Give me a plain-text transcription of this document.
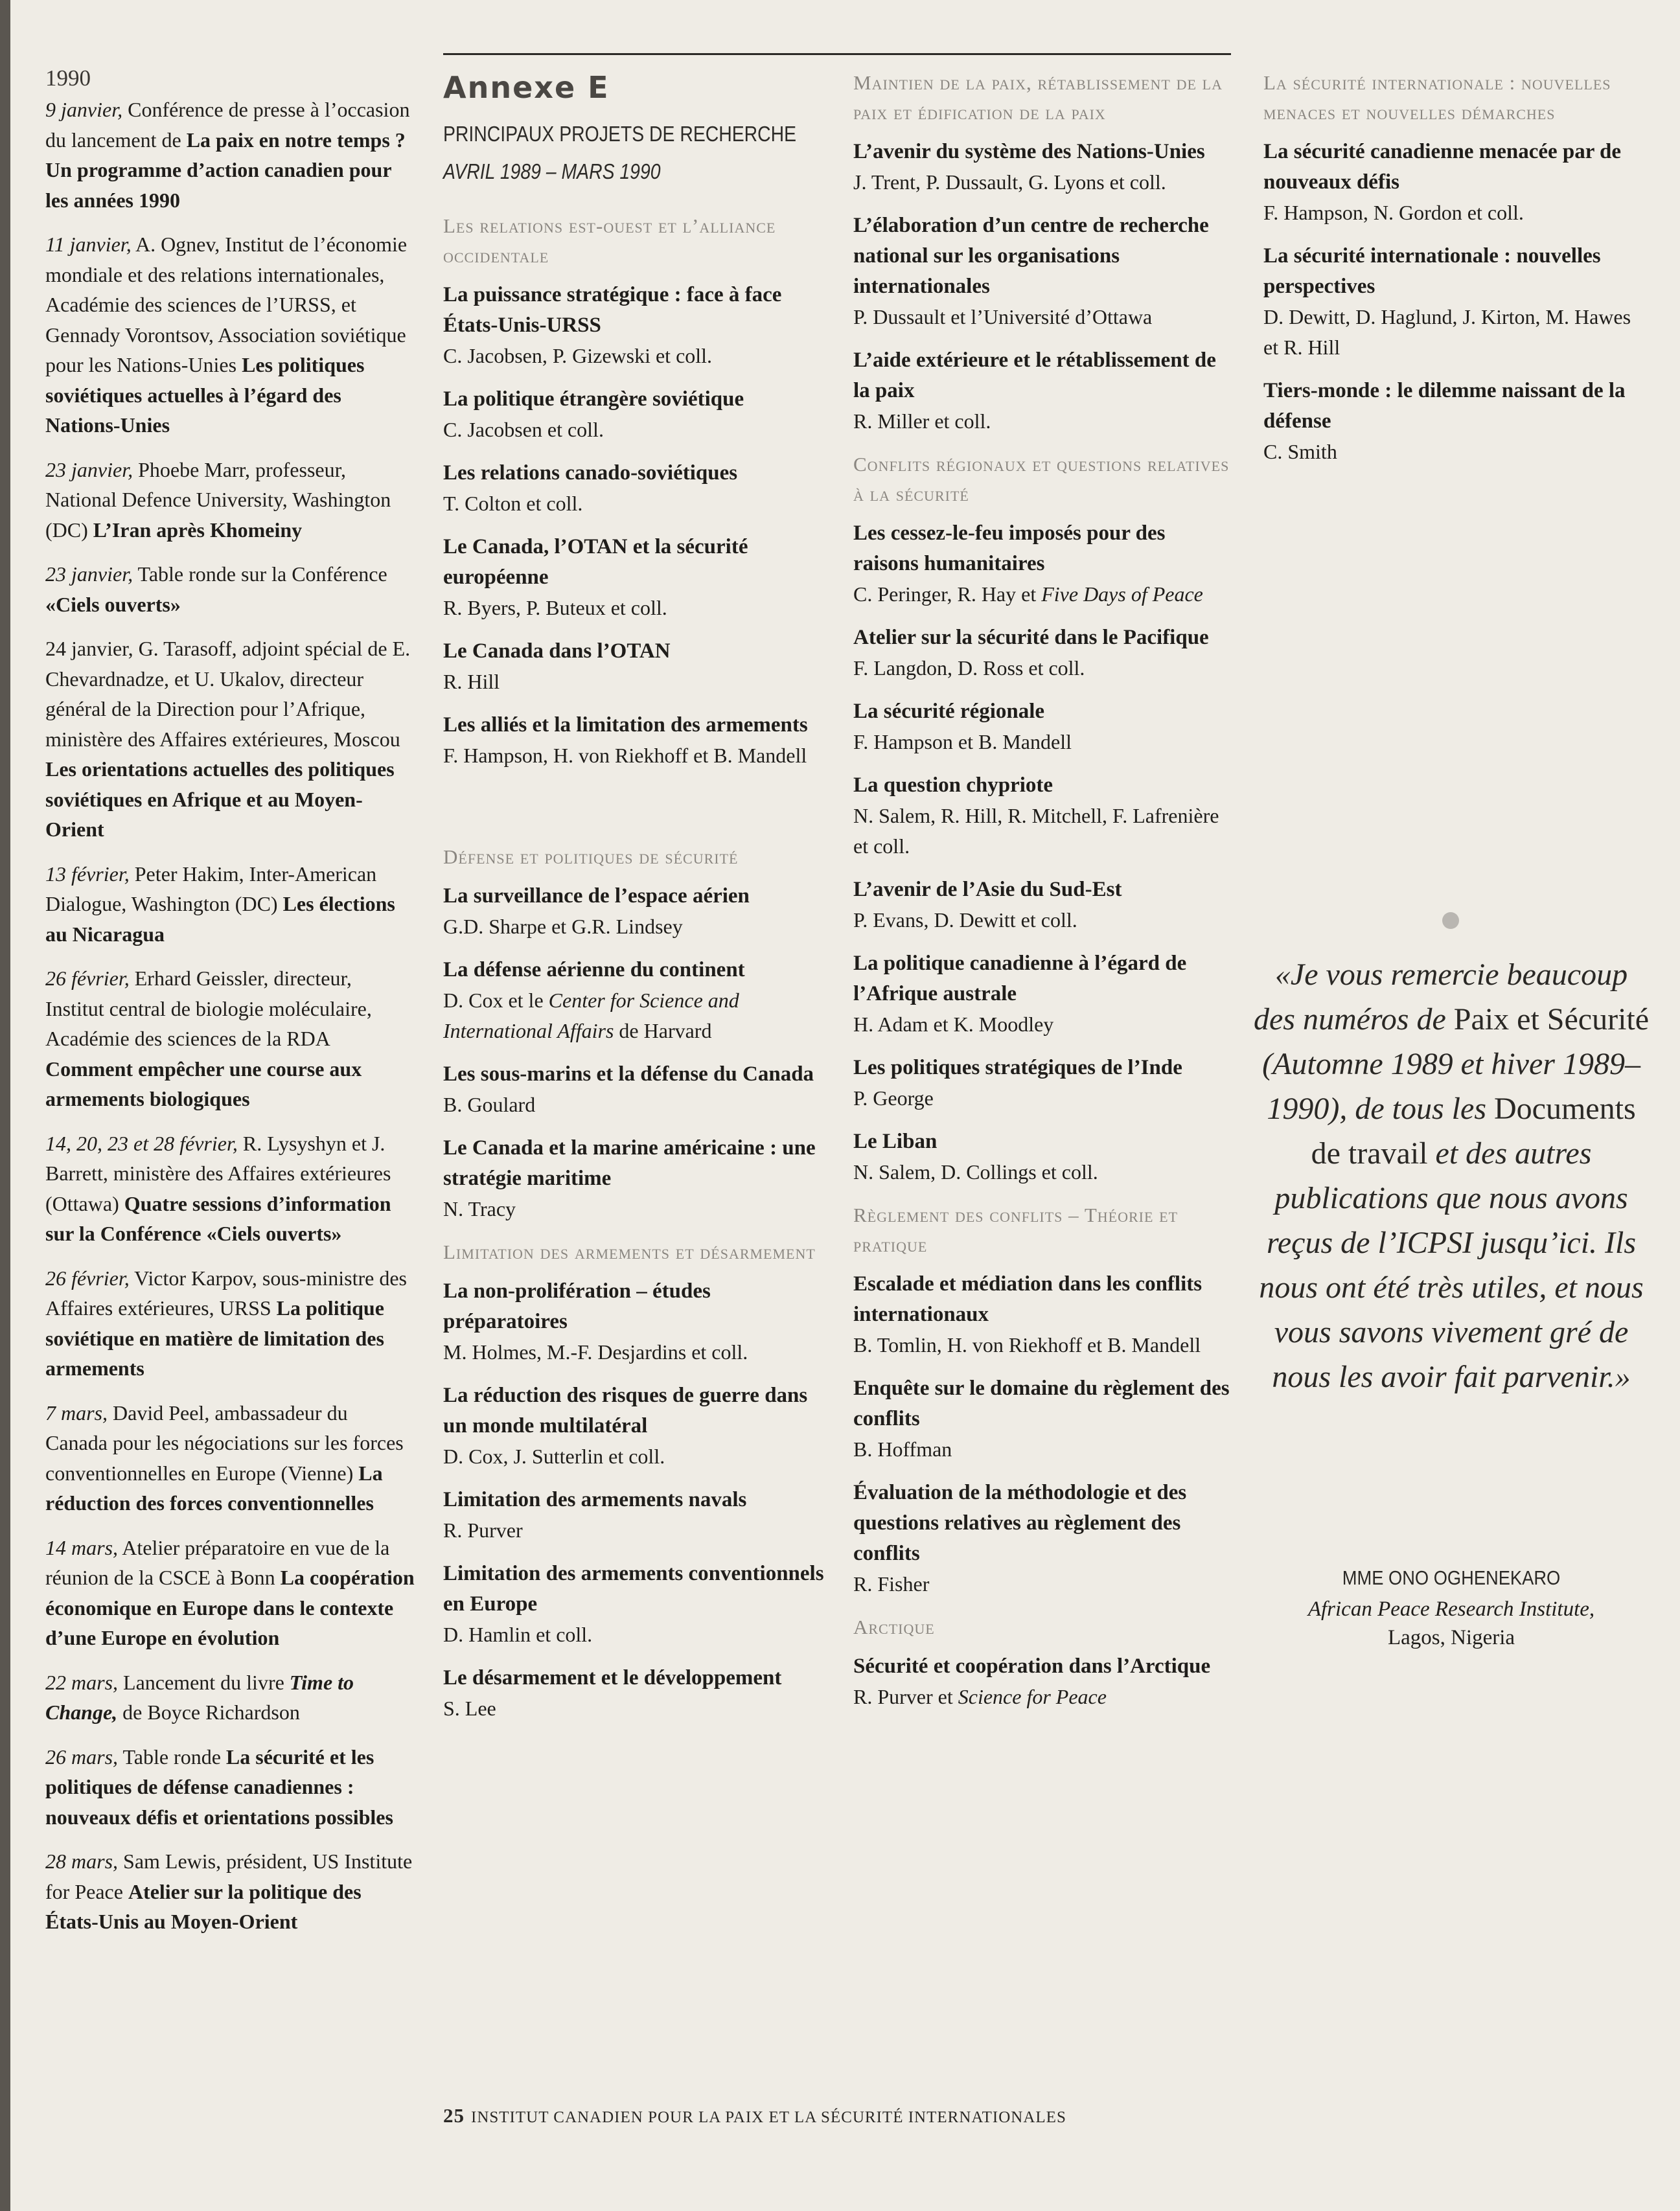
1990
9 janvier, Conférence de presse à l’occasion du lancement de La paix en notre temps ? Un programme d’action canadien pour les années 1990
11 janvier, A. Ognev, Institut de l’économie mondiale et des relations internationales, Académie des sciences de l’URSS, et Gennady Vorontsov, Association soviétique pour les Nations-Unies Les politiques soviétiques actuelles à l’égard des Nations-Unies
23 janvier, Phoebe Marr, professeur, National Defence University, Washington (DC) L’Iran après Khomeiny
23 janvier, Table ronde sur la Conférence «Ciels ouverts»
24 janvier, G. Tarasoff, adjoint spécial de E. Chevardnadze, et U. Ukalov, directeur général de la Direction pour l’Afrique, ministère des Affaires extérieures, Moscou Les orientations actuelles des politiques soviétiques en Afrique et au Moyen-Orient
13 février, Peter Hakim, Inter-American Dialogue, Washington (DC) Les élections au Nicaragua
26 février, Erhard Geissler, directeur, Institut central de biologie moléculaire, Académie des sciences de la RDA Comment empêcher une course aux armements biologiques
14, 20, 23 et 28 février, R. Lysyshyn et J. Barrett, ministère des Affaires extérieures (Ottawa) Quatre sessions d’information sur la Conférence «Ciels ouverts»
26 février, Victor Karpov, sous-ministre des Affaires extérieures, URSS La politique soviétique en matière de limitation des armements
7 mars, David Peel, ambassadeur du Canada pour les négociations sur les forces conventionnelles en Europe (Vienne) La réduction des forces conventionnelles
14 mars, Atelier préparatoire en vue de la réunion de la CSCE à Bonn La coopération économique en Europe dans le contexte d’une Europe en évolution
22 mars, Lancement du livre Time to Change, de Boyce Richardson
26 mars, Table ronde La sécurité et les politiques de défense canadiennes : nouveaux défis et orientations possibles
28 mars, Sam Lewis, président, US Institute for Peace Atelier sur la politique des États-Unis au Moyen-Orient
Annexe E
PRINCIPAUX PROJETS DE RECHERCHE
AVRIL 1989 – MARS 1990
Les relations est-ouest et l’alliance occidentale
La puissance stratégique : face à face États-Unis-URSS
C. Jacobsen, P. Gizewski et coll.
La politique étrangère soviétique
C. Jacobsen et coll.
Les relations canado-soviétiques
T. Colton et coll.
Le Canada, l’OTAN et la sécurité européenne
R. Byers, P. Buteux et coll.
Le Canada dans l’OTAN
R. Hill
Les alliés et la limitation des armements
F. Hampson, H. von Riekhoff et B. Mandell
Défense et politiques de sécurité
La surveillance de l’espace aérien
G.D. Sharpe et G.R. Lindsey
La défense aérienne du continent
D. Cox et le Center for Science and International Affairs de Harvard
Les sous-marins et la défense du Canada
B. Goulard
Le Canada et la marine américaine : une stratégie maritime
N. Tracy
Limitation des armements et désarmement
La non-prolifération – études préparatoires
M. Holmes, M.-F. Desjardins et coll.
La réduction des risques de guerre dans un monde multilatéral
D. Cox, J. Sutterlin et coll.
Limitation des armements navals
R. Purver
Limitation des armements conventionnels en Europe
D. Hamlin et coll.
Le désarmement et le développement
S. Lee
Maintien de la paix, rétablissement de la paix et édification de la paix
L’avenir du système des Nations-Unies
J. Trent, P. Dussault, G. Lyons et coll.
L’élaboration d’un centre de recherche national sur les organisations internationales
P. Dussault et l’Université d’Ottawa
L’aide extérieure et le rétablissement de la paix
R. Miller et coll.
Conflits régionaux et questions relatives à la sécurité
Les cessez-le-feu imposés pour des raisons humanitaires
C. Peringer, R. Hay et Five Days of Peace
Atelier sur la sécurité dans le Pacifique
F. Langdon, D. Ross et coll.
La sécurité régionale
F. Hampson et B. Mandell
La question chypriote
N. Salem, R. Hill, R. Mitchell, F. Lafrenière et coll.
L’avenir de l’Asie du Sud-Est
P. Evans, D. Dewitt et coll.
La politique canadienne à l’égard de l’Afrique australe
H. Adam et K. Moodley
Les politiques stratégiques de l’Inde
P. George
Le Liban
N. Salem, D. Collings et coll.
Règlement des conflits – Théorie et pratique
Escalade et médiation dans les conflits internationaux
B. Tomlin, H. von Riekhoff et B. Mandell
Enquête sur le domaine du règlement des conflits
B. Hoffman
Évaluation de la méthodologie et des questions relatives au règlement des conflits
R. Fisher
Arctique
Sécurité et coopération dans l’Arctique
R. Purver et Science for Peace
La sécurité internationale : nouvelles menaces et nouvelles démarches
La sécurité canadienne menacée par de nouveaux défis
F. Hampson, N. Gordon et coll.
La sécurité internationale : nouvelles perspectives
D. Dewitt, D. Haglund, J. Kirton, M. Hawes et R. Hill
Tiers-monde : le dilemme naissant de la défense
C. Smith
«Je vous remercie beaucoup des numéros de Paix et Sécurité (Automne 1989 et hiver 1989–1990), de tous les Documents de travail et des autres publications que nous avons reçus de l’ICPSI jusqu’ici. Ils nous ont été très utiles, et nous vous savons vivement gré de nous les avoir fait parvenir.»
MME ONO OGHENEKARO
African Peace Research Institute,
Lagos, Nigeria
25 INSTITUT CANADIEN POUR LA PAIX ET LA SÉCURITÉ INTERNATIONALES
